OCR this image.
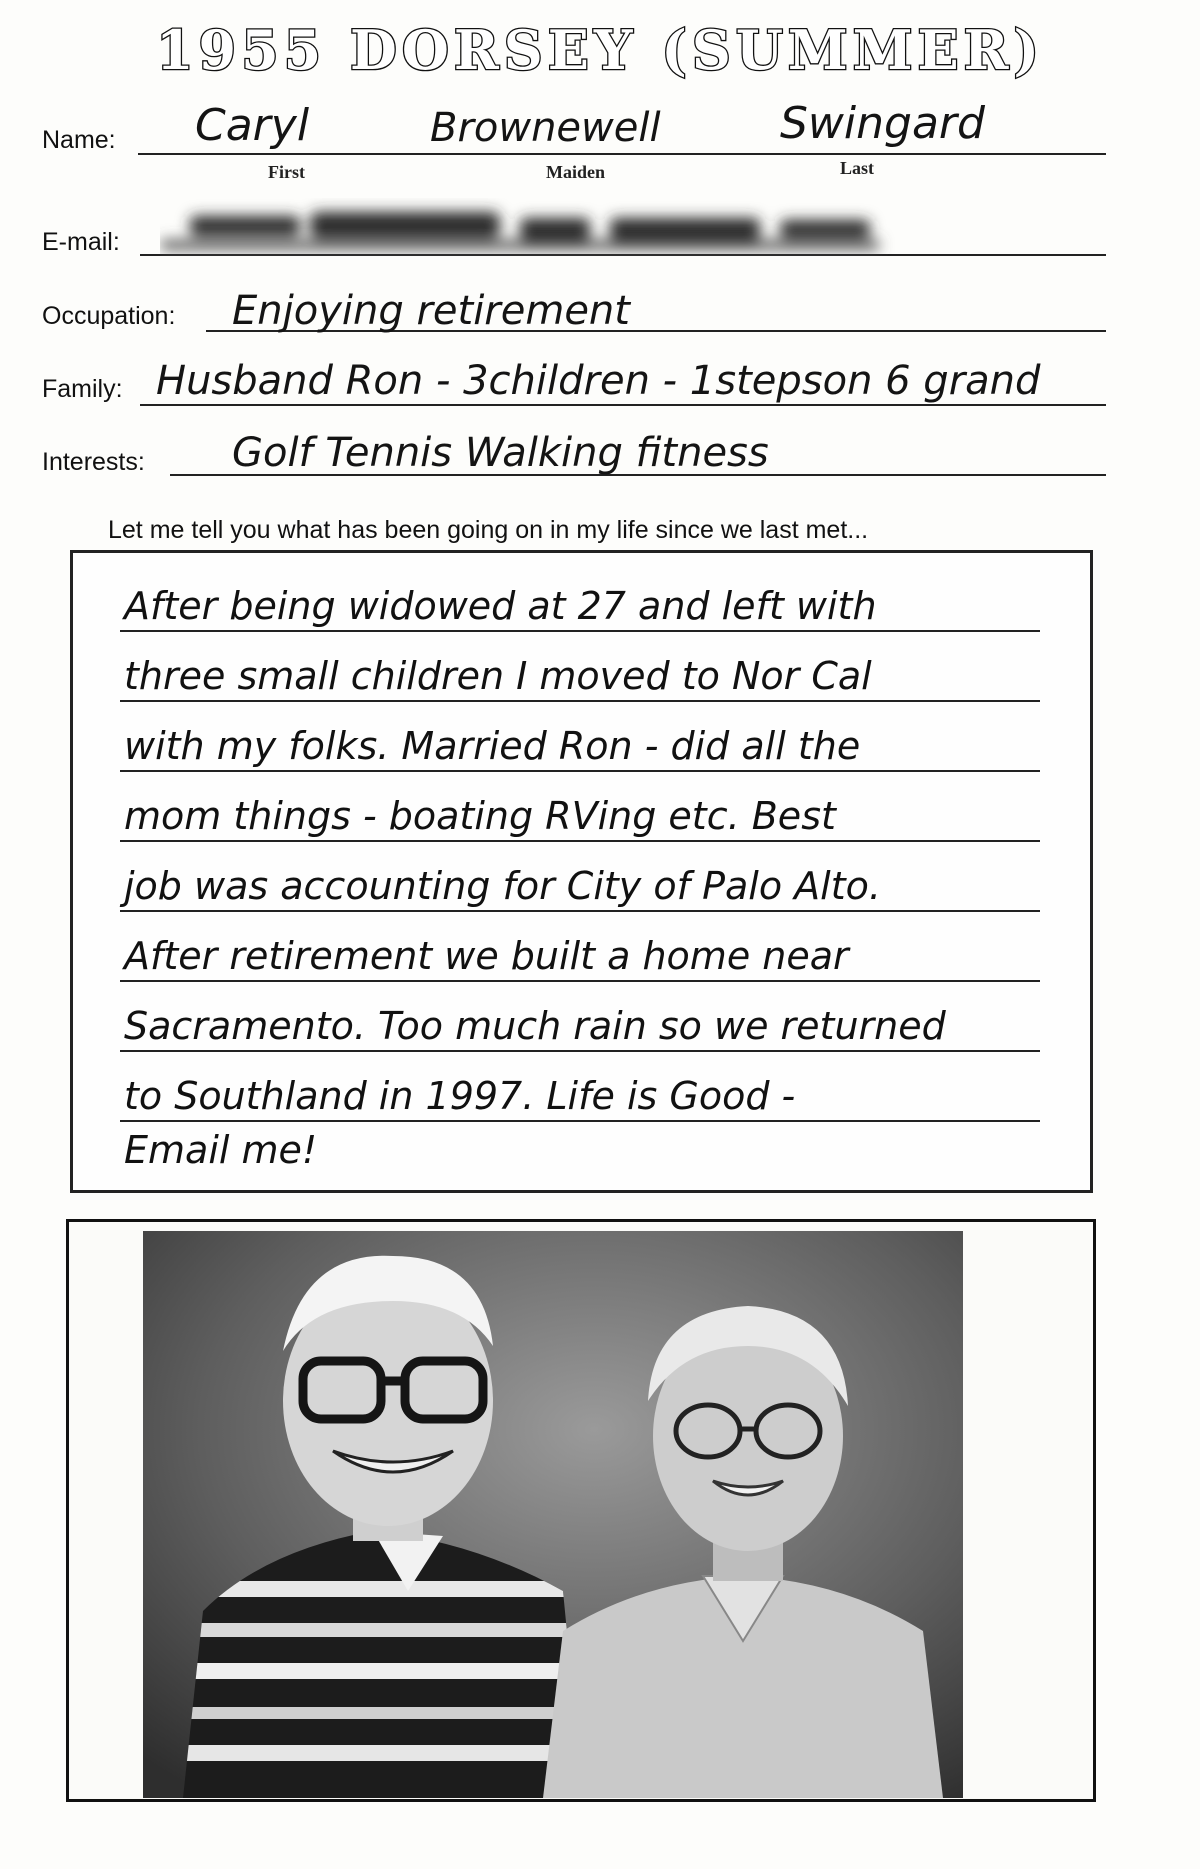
1955 DORSEY (SUMMER)
Name: Caryl	Brownewell	Swingard
First	Maiden	Last
E-mail:
Occupation: Enjoying retirement
Family: Husband Ron - 3children - 1stepson 6 grand
Interests: Golf Tennis Walking fitness
Let me tell you what has been going on in my life since we last met...
After being widowed at 27 and left with
three small children I moved to Nor Cal
with my folks. Married Ron - did all the
mom things - boating RVing etc. Best
job was accounting for City of Palo Alto.
After retirement we built a home near
Sacramento. Too much rain so we returned
to Southland in 1997. Life is Good -
Email me!
